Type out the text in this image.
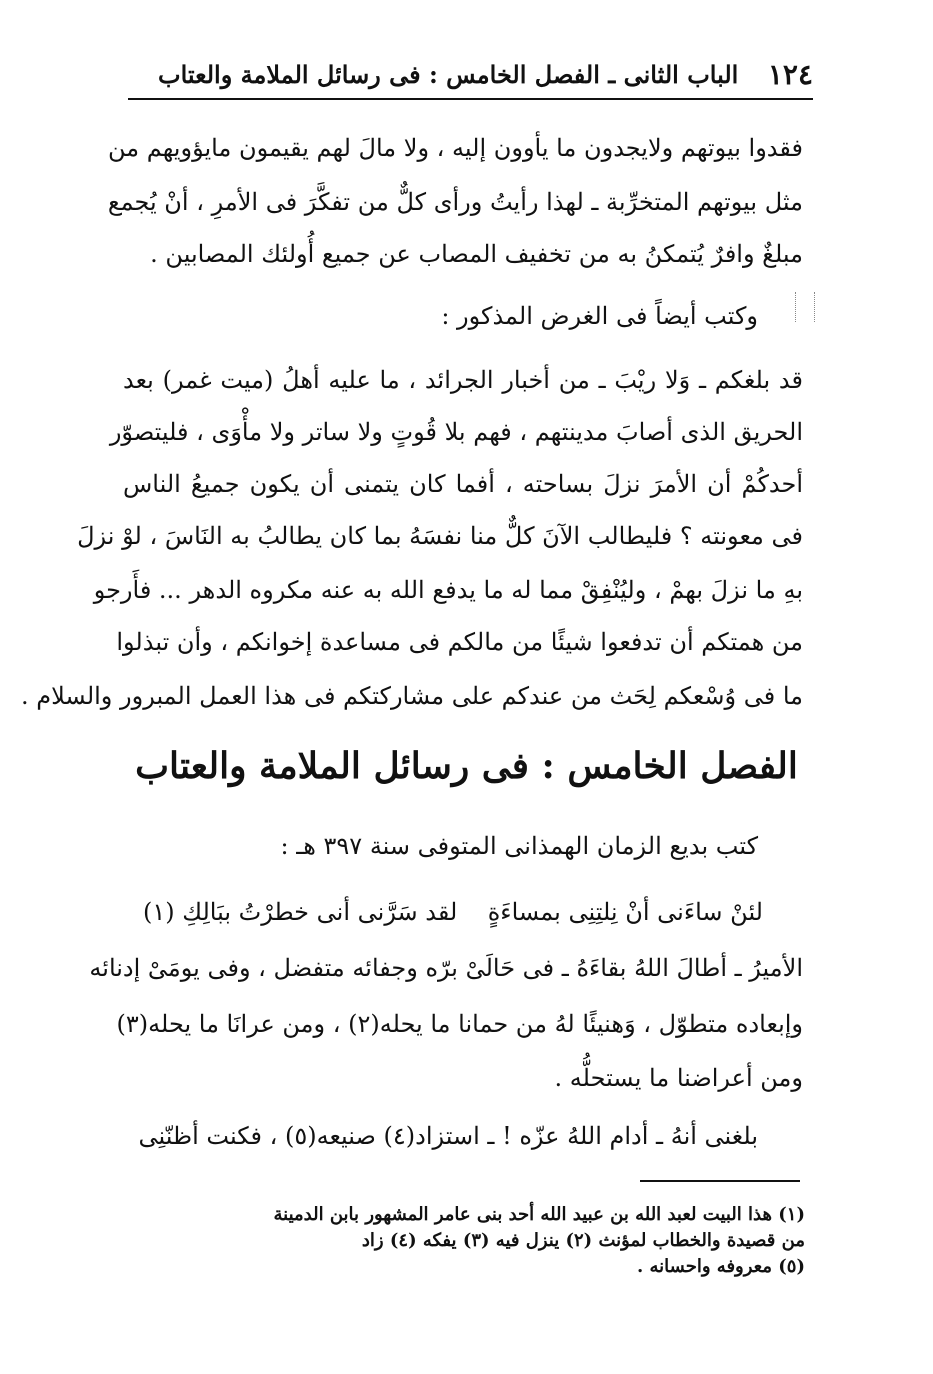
١٢٤
الباب الثانى ـ الفصل الخامس : فى رسائل الملامة والعتاب
فقدوا بيوتهم ولايجدون ما يأوون إليه ، ولا مالَ لهم يقيمون مايؤويهم من
مثل بيوتهم المتخرِّبة ـ لهذا رأيتُ ورأى كلٌّ من تفكَّرَ فى الأمرِ ، أنْ يُجمع
مبلغٌ وافرٌ يُتمكنُ به من تخفيف المصاب عن جميع أُولئك المصابين .
وكتب أيضاً فى الغرض المذكور :
قد بلغكم ـ وَلا ريْبَ ـ من أخبار الجرائد ، ما عليه أهلُ (ميت غمر) بعد
الحريق الذى أصابَ مدينتهم ، فهم بلا قُوتٍ ولا ساتر ولا مأْوَى ، فليتصوّر
أحدكُمْ أن الأمرَ نزلَ بساحته ، أفما كان يتمنى أن يكون جميعُ الناس
فى معونته ؟ فليطالب الآنَ كلٌّ منا نفسَهُ بما كان يطالبُ به النَاسَ ، لوْ نزلَ
بهِ ما نزلَ بهمْ ، وليُنْفِقْ مما له ما يدفع الله به عنه مكروه الدهر ... فأَرجو
من همتكم أن تدفعوا شيئًا من مالكم فى مساعدة إخوانكم ، وأن تبذلوا
ما فى وُسْعكم لِحَث من عندكم على مشاركتكم فى هذا العمل المبرور والسلام .
الفصل الخامس : فى رسائل الملامة والعتاب
كتب بديع الزمان الهمذانى المتوفى سنة ٣٩٧ هـ :
لئنْ ساءَنى أنْ نِلتِنِى بمساءَةٍ
لقد سَرَّنى أنى خطرْتُ ببَالِكِ (١)
الأميرُ ـ أطالَ اللهُ بقاءَهُ ـ فى حَالَىْ برّه وجفائه متفضل ، وفى يومَىْ إدنائه
وإبعاده متطوّل ، وَهنيئًا لهُ من حمانا ما يحله(٢) ، ومن عرانَا ما يحله(٣)
ومن أعراضنا ما يستحلُّه .
بلغنى أنهُ ـ أدام اللهُ عزّه ! ـ استزاد(٤) صنيعه(٥) ، فكنت أظنّنِى
(١) هذا البيت لعبد الله بن عبيد الله أحد بنى عامر المشهور بابن الدمينة
من قصيدة والخطاب لمؤنث (٢) ينزل فيه (٣) يفكه (٤) زاد
(٥) معروفه واحسانه .
